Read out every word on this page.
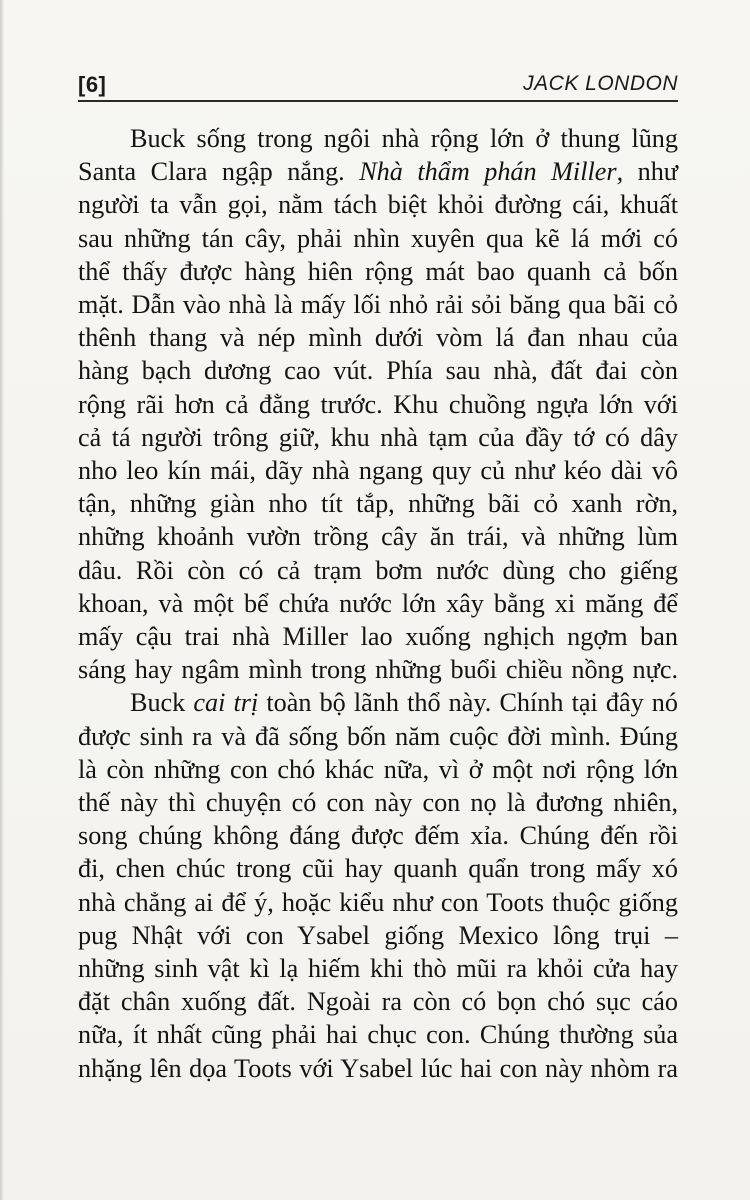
[6]	JACK LONDON
Buck sống trong ngôi nhà rộng lớn ở thung lũng
Santa Clara ngập nắng. Nhà thẩm phán Miller, như
người ta vẫn gọi, nằm tách biệt khỏi đường cái, khuất
sau những tán cây, phải nhìn xuyên qua kẽ lá mới có
thể thấy được hàng hiên rộng mát bao quanh cả bốn
mặt. Dẫn vào nhà là mấy lối nhỏ rải sỏi băng qua bãi cỏ
thênh thang và nép mình dưới vòm lá đan nhau của
hàng bạch dương cao vút. Phía sau nhà, đất đai còn
rộng rãi hơn cả đằng trước. Khu chuồng ngựa lớn với
cả tá người trông giữ, khu nhà tạm của đầy tớ có dây
nho leo kín mái, dãy nhà ngang quy củ như kéo dài vô
tận, những giàn nho tít tắp, những bãi cỏ xanh rờn,
những khoảnh vườn trồng cây ăn trái, và những lùm
dâu. Rồi còn có cả trạm bơm nước dùng cho giếng
khoan, và một bể chứa nước lớn xây bằng xi măng để
mấy cậu trai nhà Miller lao xuống nghịch ngợm ban
sáng hay ngâm mình trong những buổi chiều nồng nực.
Buck cai trị toàn bộ lãnh thổ này. Chính tại đây nó
được sinh ra và đã sống bốn năm cuộc đời mình. Đúng
là còn những con chó khác nữa, vì ở một nơi rộng lớn
thế này thì chuyện có con này con nọ là đương nhiên,
song chúng không đáng được đếm xỉa. Chúng đến rồi
đi, chen chúc trong cũi hay quanh quẩn trong mấy xó
nhà chẳng ai để ý, hoặc kiểu như con Toots thuộc giống
pug Nhật với con Ysabel giống Mexico lông trụi –
những sinh vật kì lạ hiếm khi thò mũi ra khỏi cửa hay
đặt chân xuống đất. Ngoài ra còn có bọn chó sục cáo
nữa, ít nhất cũng phải hai chục con. Chúng thường sủa
nhặng lên dọa Toots với Ysabel lúc hai con này nhòm ra
